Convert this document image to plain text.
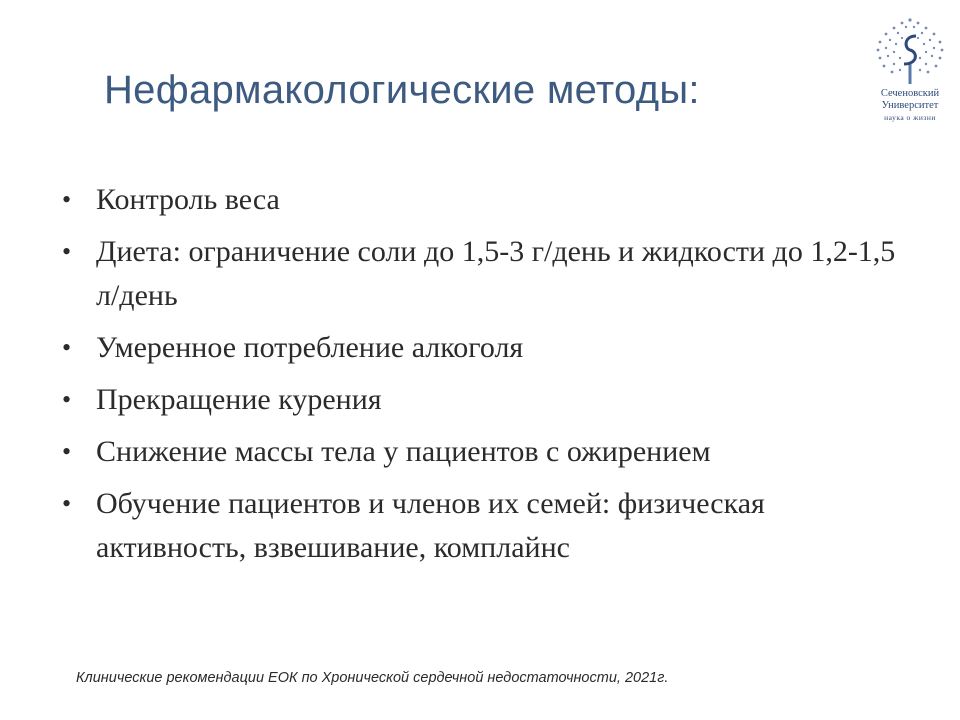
Нефармакологические методы:	Сеченовский
Университет
наука о жизни
• Контроль веса
• Диета: ограничение соли до 1,5-3 г/день и жидкости до 1,2-1,5 л/день
• Умеренное потребление алкоголя
• Прекращение курения
• Снижение массы тела у пациентов с ожирением
• Обучение пациентов и членов их семей: физическая активность, взвешивание, комплайнс
Клинические рекомендации ЕОК по Хронической сердечной недостаточности, 2021г.
